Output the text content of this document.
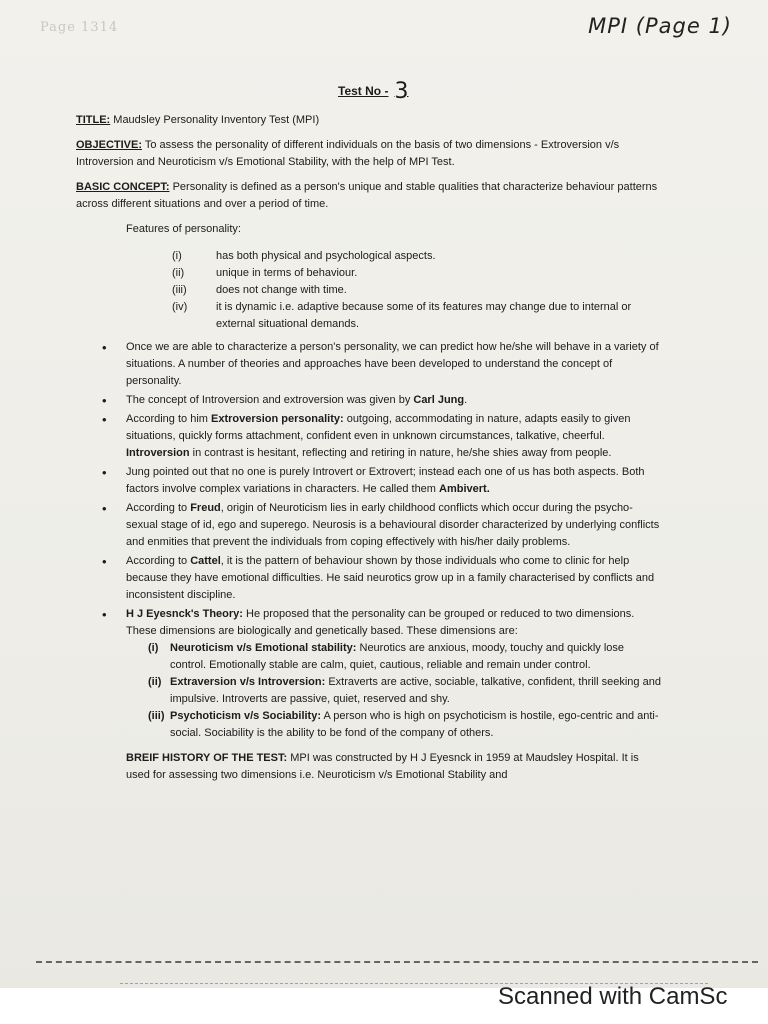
Page 1314	MPI (Page 1)
Test No - 3

TITLE: Maudsley Personality Inventory Test (MPI)

OBJECTIVE: To assess the personality of different individuals on the basis of two dimensions - Extroversion v/s Introversion and Neuroticism v/s Emotional Stability, with the help of MPI Test.

BASIC CONCEPT: Personality is defined as a person's unique and stable qualities that characterize behaviour patterns across different situations and over a period of time.

Features of personality:
(i)	has both physical and psychological aspects.
(ii)	unique in terms of behaviour.
(iii)	does not change with time.
(iv)	it is dynamic i.e. adaptive because some of its features may change due to internal or external situational demands.
• Once we are able to characterize a person's personality, we can predict how he/she will behave in a variety of situations. A number of theories and approaches have been developed to understand the concept of personality.
• The concept of Introversion and extroversion was given by Carl Jung.
• According to him Extroversion personality: outgoing, accommodating in nature, adapts easily to given situations, quickly forms attachment, confident even in unknown circumstances, talkative, cheerful. Introversion in contrast is hesitant, reflecting and retiring in nature, he/she shies away from people.
• Jung pointed out that no one is purely Introvert or Extrovert; instead each one of us has both aspects. Both factors involve complex variations in characters. He called them Ambivert.
• According to Freud, origin of Neuroticism lies in early childhood conflicts which occur during the psycho-sexual stage of id, ego and superego. Neurosis is a behavioural disorder characterized by underlying conflicts and enmities that prevent the individuals from coping effectively with his/her daily problems.
• According to Cattel, it is the pattern of behaviour shown by those individuals who come to clinic for help because they have emotional difficulties. He said neurotics grow up in a family characterised by conflicts and inconsistent discipline.
• H J Eyesnck's Theory: He proposed that the personality can be grouped or reduced to two dimensions. These dimensions are biologically and genetically based. These dimensions are:
(i)	Neuroticism v/s Emotional stability: Neurotics are anxious, moody, touchy and quickly lose control. Emotionally stable are calm, quiet, cautious, reliable and remain under control.
(ii) Extraversion v/s Introversion: Extraverts are active, sociable, talkative, confident, thrill seeking and impulsive. Introverts are passive, quiet, reserved and shy.
(iii) Psychoticism v/s Sociability: A person who is high on psychoticism is hostile, ego-centric and anti-social. Sociability is the ability to be fond of the company of others.

BREIF HISTORY OF THE TEST: MPI was constructed by H J Eyesnck in 1959 at Maudsley Hospital. It is used for assessing two dimensions i.e. Neuroticism v/s Emotional Stability and

Scanned with CamSc
